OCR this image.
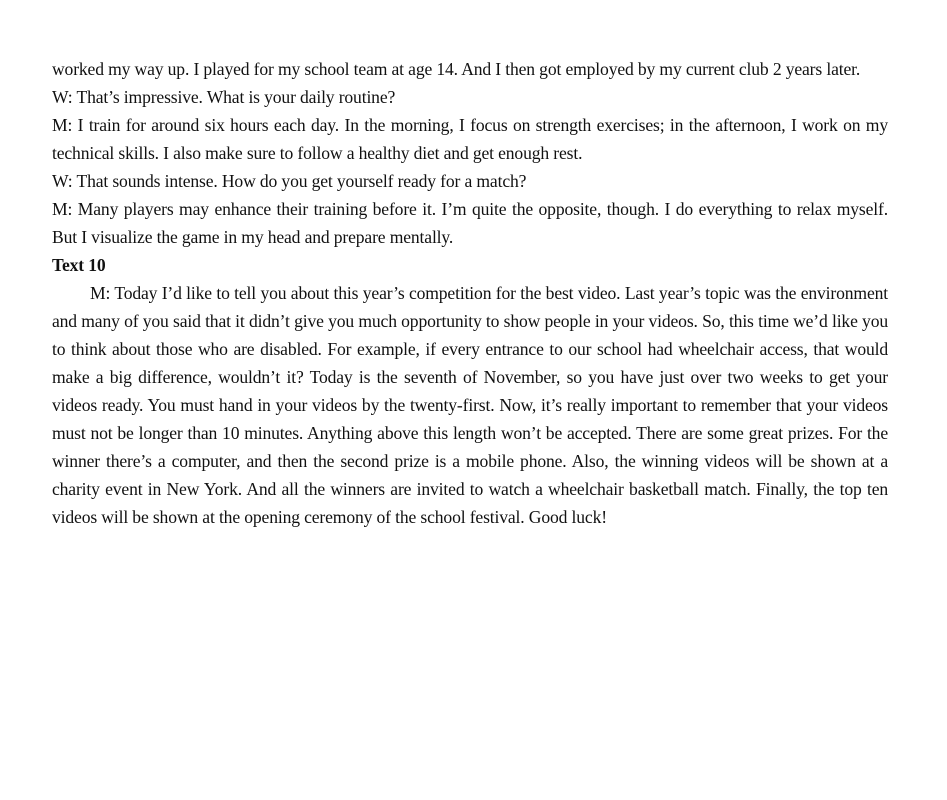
worked my way up. I played for my school team at age 14. And I then got employed by my current club 2 years later.

W: That’s impressive. What is your daily routine?

M: I train for around six hours each day. In the morning, I focus on strength exercises; in the afternoon, I work on my technical skills. I also make sure to follow a healthy diet and get enough rest.

W: That sounds intense. How do you get yourself ready for a match?

M: Many players may enhance their training before it. I’m quite the opposite, though. I do everything to relax myself. But I visualize the game in my head and prepare mentally.

Text 10

M: Today I’d like to tell you about this year’s competition for the best video. Last year’s topic was the environment and many of you said that it didn’t give you much opportunity to show people in your videos. So, this time we’d like you to think about those who are disabled. For example, if every entrance to our school had wheelchair access, that would make a big difference, wouldn’t it? Today is the seventh of November, so you have just over two weeks to get your videos ready. You must hand in your videos by the twenty-first. Now, it’s really important to remember that your videos must not be longer than 10 minutes. Anything above this length won’t be accepted. There are some great prizes. For the winner there’s a computer, and then the second prize is a mobile phone. Also, the winning videos will be shown at a charity event in New York. And all the winners are invited to watch a wheelchair basketball match. Finally, the top ten videos will be shown at the opening ceremony of the school festival. Good luck!
